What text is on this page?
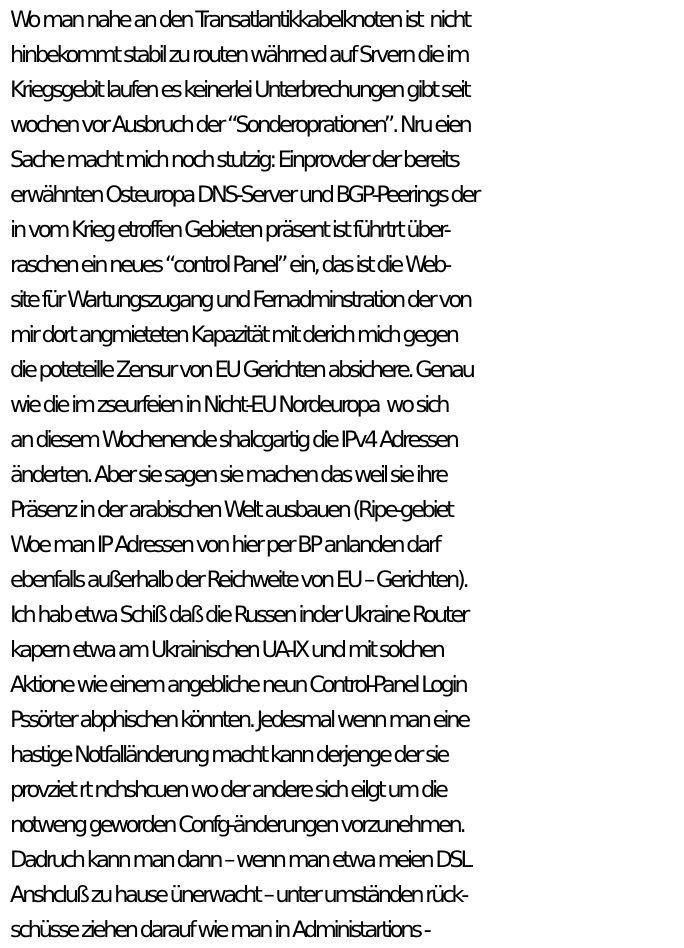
Wo man nahe an den Transatlantikkabelknoten ist  nicht
hinbekommt stabil zu routen währned auf Srvern die im
Kriegsgebit laufen es keinerlei Unterbrechungen gibt seit
wochen vor Ausbruch der “Sonderoprationen”. Nru eien
Sache macht mich noch stutzig: Einprovder der bereits
erwähnten Osteuropa DNS-Server und BGP-Peerings der
in vom Krieg etroffen Gebieten präsent ist führtrt über-
raschen ein neues “control Panel” ein, das ist die Web-
site für Wartungszugang und Fernadminstration der von
mir dort angmieteten Kapazität mit derich mich gegen
die poteteille Zensur von EU Gerichten absichere. Genau
wie die im zseurfeien in Nicht-EU Nordeuropa  wo sich
an diesem Wochenende shalcgartig die IPv4 Adressen
änderten. Aber sie sagen sie machen das weil sie ihre
Präsenz in der arabischen Welt ausbauen (Ripe-gebiet
Woe man IP Adressen von hier per BP anlanden darf
ebenfalls außerhalb der Reichweite von EU – Gerichten).
Ich hab etwa Schiß daß die Russen inder Ukraine Router
kapern etwa am Ukrainischen UA-IX und mit solchen
Aktione wie einem angebliche neun Control-Panel Login
Pssörter abphischen könnten. Jedesmal wenn man eine
hastige Notfalländerung macht kann derjenge der sie
provziet rt nchshcuen wo der andere sich eilgt um die
notweng geworden Confg-änderungen vorzunehmen.
Dadruch kann man dann – wenn man etwa meien DSL
Anshcluß zu hause ünerwacht – unter umständen rück-
schüsse ziehen darauf wie man in Administartions -
